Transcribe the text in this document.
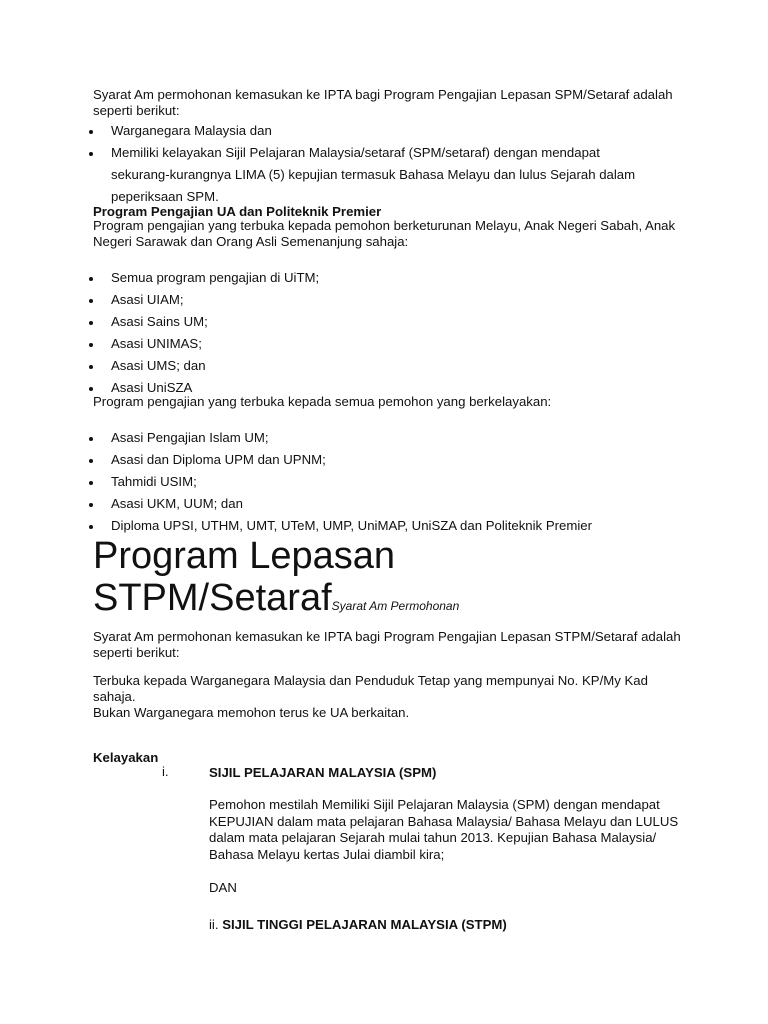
Syarat Am permohonan kemasukan ke IPTA bagi Program Pengajian Lepasan SPM/Setaraf adalah seperti berikut:

Warganegara Malaysia dan
Memiliki kelayakan Sijil Pelajaran Malaysia/setaraf (SPM/setaraf) dengan mendapat

sekurang-kurangnya LIMA (5) kepujian termasuk Bahasa Melayu dan lulus Sejarah dalam

peperiksaan SPM.

Program Pengajian UA dan Politeknik Premier

Program pengajian yang terbuka kepada pemohon berketurunan Melayu, Anak Negeri Sabah, Anak Negeri Sarawak dan Orang Asli Semenanjung sahaja:

Semua program pengajian di UiTM;
Asasi UIAM;
Asasi Sains UM;
Asasi UNIMAS;
Asasi UMS; dan
Asasi UniSZA

Program pengajian yang terbuka kepada semua pemohon yang berkelayakan:

Asasi Pengajian Islam UM;
Asasi dan Diploma UPM dan UPNM;
Tahmidi USIM;
Asasi UKM, UUM; dan
Diploma UPSI, UTHM, UMT, UTeM, UMP, UniMAP, UniSZA dan Politeknik Premier

Program Lepasan

STPM/SetarafSyarat Am Permohonan

Syarat Am permohonan kemasukan ke IPTA bagi Program Pengajian Lepasan STPM/Setaraf adalah seperti berikut:

Terbuka kepada Warganegara Malaysia dan Penduduk Tetap yang mempunyai No. KP/My Kad sahaja.

Bukan Warganegara memohon terus ke UA berkaitan.

Kelayakan

i.	SIJIL PELAJARAN MALAYSIA (SPM)

Pemohon mestilah Memiliki Sijil Pelajaran Malaysia (SPM) dengan mendapat KEPUJIAN dalam mata pelajaran Bahasa Malaysia/ Bahasa Melayu dan LULUS dalam mata pelajaran Sejarah mulai tahun 2013. Kepujian Bahasa Malaysia/ Bahasa Melayu kertas Julai diambil kira;

DAN

ii. SIJIL TINGGI PELAJARAN MALAYSIA (STPM)
